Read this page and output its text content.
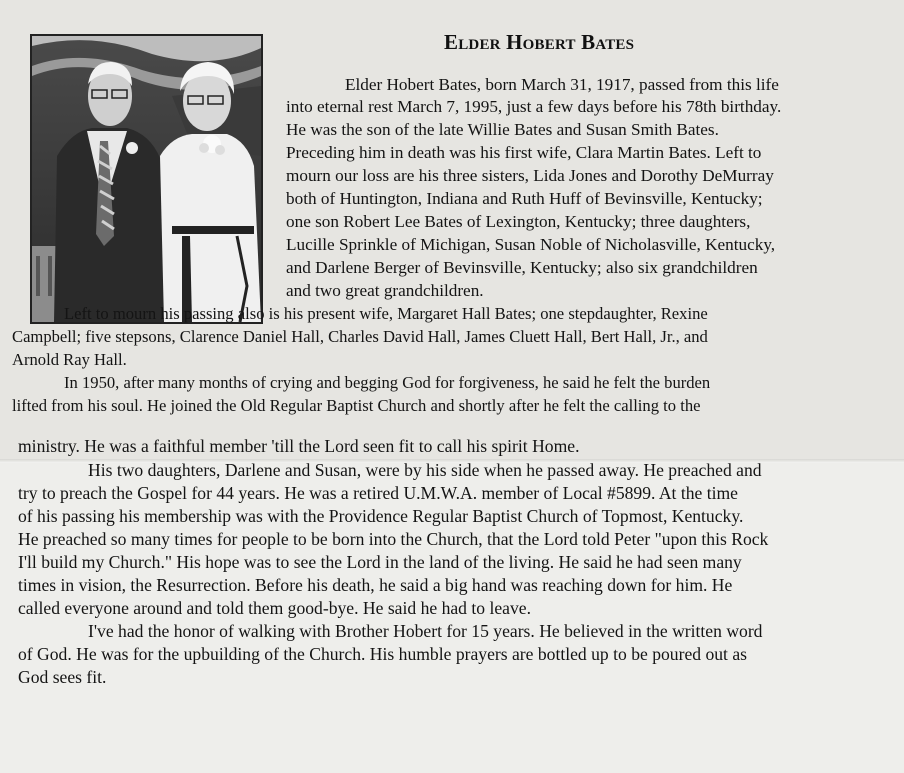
Elder Hobert Bates
Elder Hobert Bates, born March 31, 1917, passed from this life
into eternal rest March 7, 1995, just a few days before his 78th birthday.
He was the son of the late Willie Bates and Susan Smith Bates.
Preceding him in death was his first wife, Clara Martin Bates. Left to
mourn our loss are his three sisters, Lida Jones and Dorothy DeMurray
both of Huntington, Indiana and Ruth Huff of Bevinsville, Kentucky;
one son Robert Lee Bates of Lexington, Kentucky; three daughters,
Lucille Sprinkle of Michigan, Susan Noble of Nicholasville, Kentucky,
and Darlene Berger of Bevinsville, Kentucky; also six grandchildren
and two great grandchildren.
Left to mourn his passing also is his present wife, Margaret Hall Bates; one stepdaughter, Rexine
Campbell; five stepsons, Clarence Daniel Hall, Charles David Hall, James Cluett Hall, Bert Hall, Jr., and
Arnold Ray Hall.
In 1950, after many months of crying and begging God for forgiveness, he said he felt the burden
lifted from his soul. He joined the Old Regular Baptist Church and shortly after he felt the calling to the
ministry. He was a faithful member 'till the Lord seen fit to call his spirit Home.
His two daughters, Darlene and Susan, were by his side when he passed away. He preached and
try to preach the Gospel for 44 years. He was a retired U.M.W.A. member of Local #5899. At the time
of his passing his membership was with the Providence Regular Baptist Church of Topmost, Kentucky.
He preached so many times for people to be born into the Church, that the Lord told Peter "upon this Rock
I'll build my Church." His hope was to see the Lord in the land of the living. He said he had seen many
times in vision, the Resurrection. Before his death, he said a big hand was reaching down for him. He
called everyone around and told them good-bye. He said he had to leave.
I've had the honor of walking with Brother Hobert for 15 years. He believed in the written word
of God. He was for the upbuilding of the Church. His humble prayers are bottled up to be poured out as
God sees fit.
